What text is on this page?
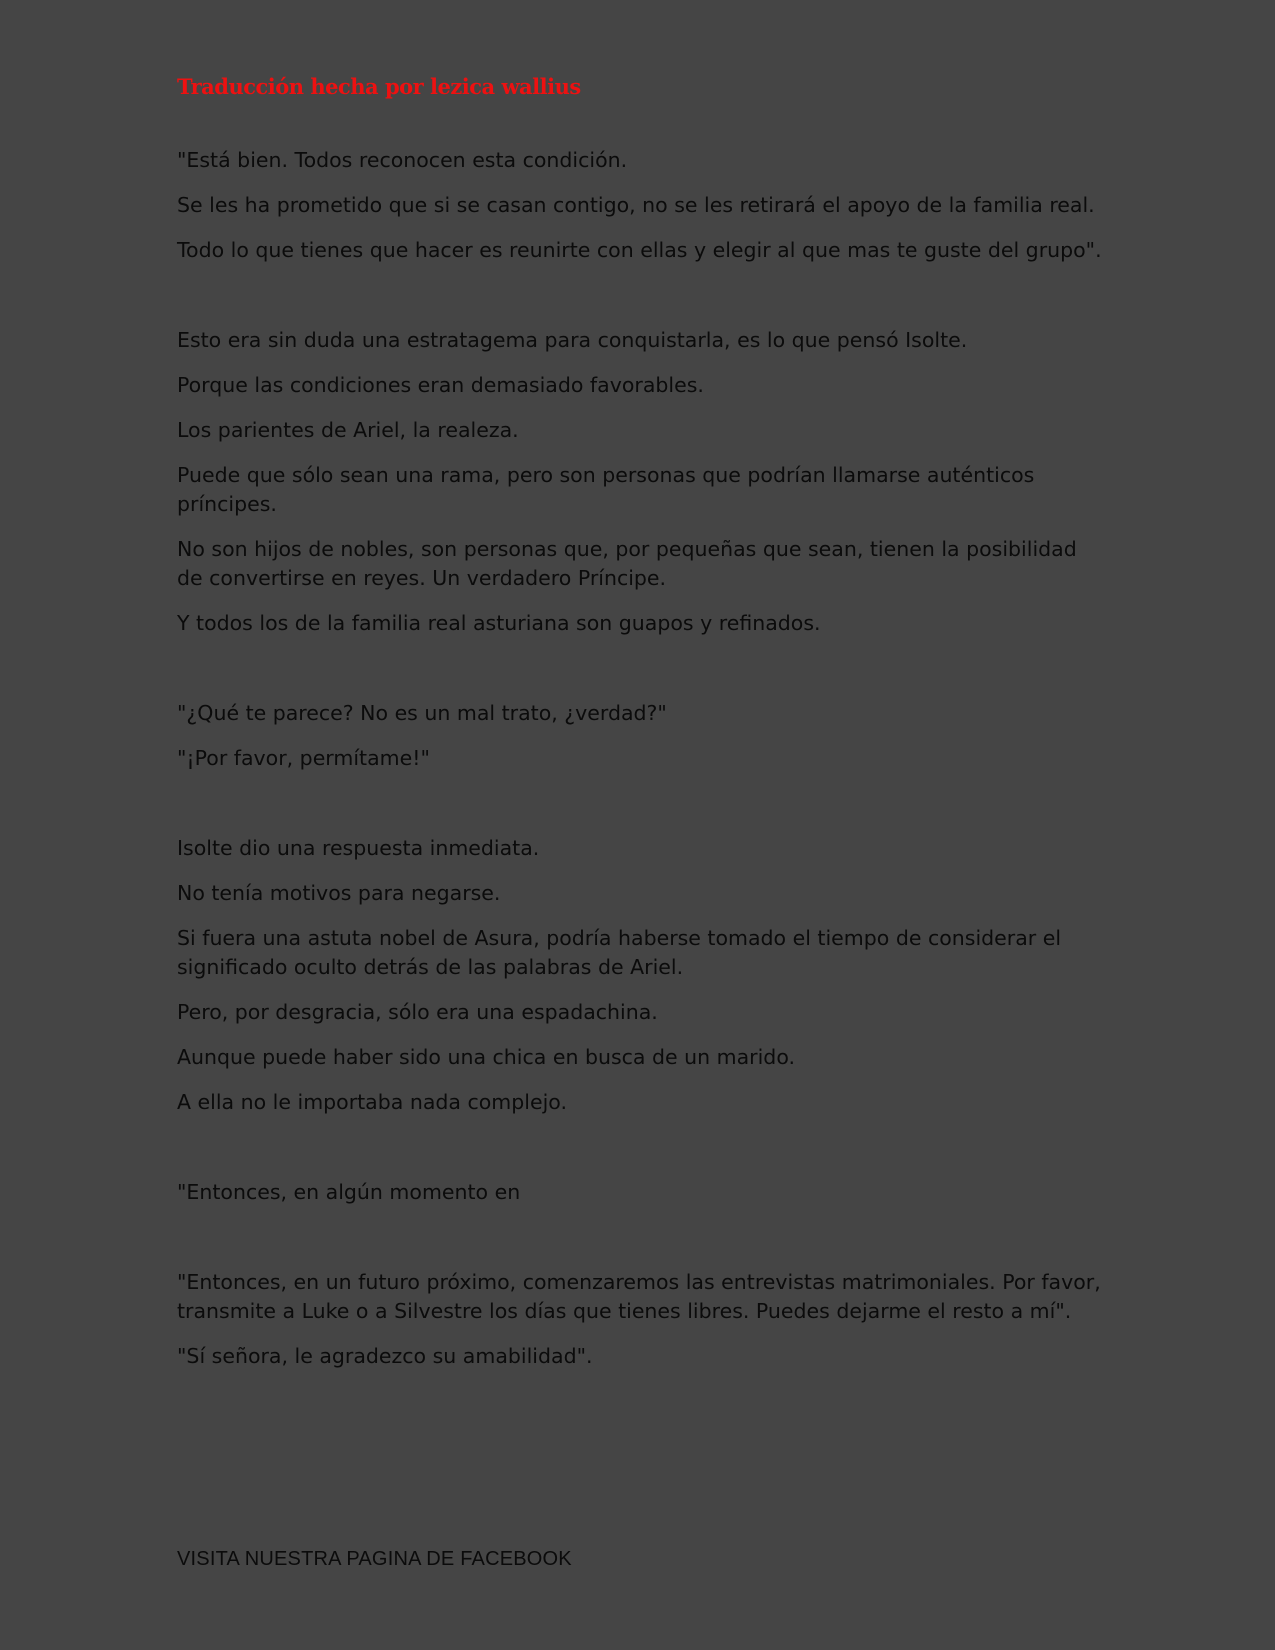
Traducción hecha por lezica wallius

"Está bien. Todos reconocen esta condición.

Se les ha prometido que si se casan contigo, no se les retirará el apoyo de la familia real.

Todo lo que tienes que hacer es reunirte con ellas y elegir al que mas te guste del grupo".

Esto era sin duda una estratagema para conquistarla, es lo que pensó Isolte.

Porque las condiciones eran demasiado favorables.

Los parientes de Ariel, la realeza.

Puede que sólo sean una rama, pero son personas que podrían llamarse auténticos príncipes.

No son hijos de nobles, son personas que, por pequeñas que sean, tienen la posibilidad de convertirse en reyes. Un verdadero Príncipe.

Y todos los de la familia real asturiana son guapos y refinados.

"¿Qué te parece? No es un mal trato, ¿verdad?"

"¡Por favor, permítame!"

Isolte dio una respuesta inmediata.

No tenía motivos para negarse.

Si fuera una astuta nobel de Asura, podría haberse tomado el tiempo de considerar el significado oculto detrás de las palabras de Ariel.

Pero, por desgracia, sólo era una espadachina.

Aunque puede haber sido una chica en busca de un marido.

A ella no le importaba nada complejo.

"Entonces, en algún momento en

"Entonces, en un futuro próximo, comenzaremos las entrevistas matrimoniales. Por favor, transmite a Luke o a Silvestre los días que tienes libres. Puedes dejarme el resto a mí".

"Sí señora, le agradezco su amabilidad".

VISITA NUESTRA PAGINA DE FACEBOOK
